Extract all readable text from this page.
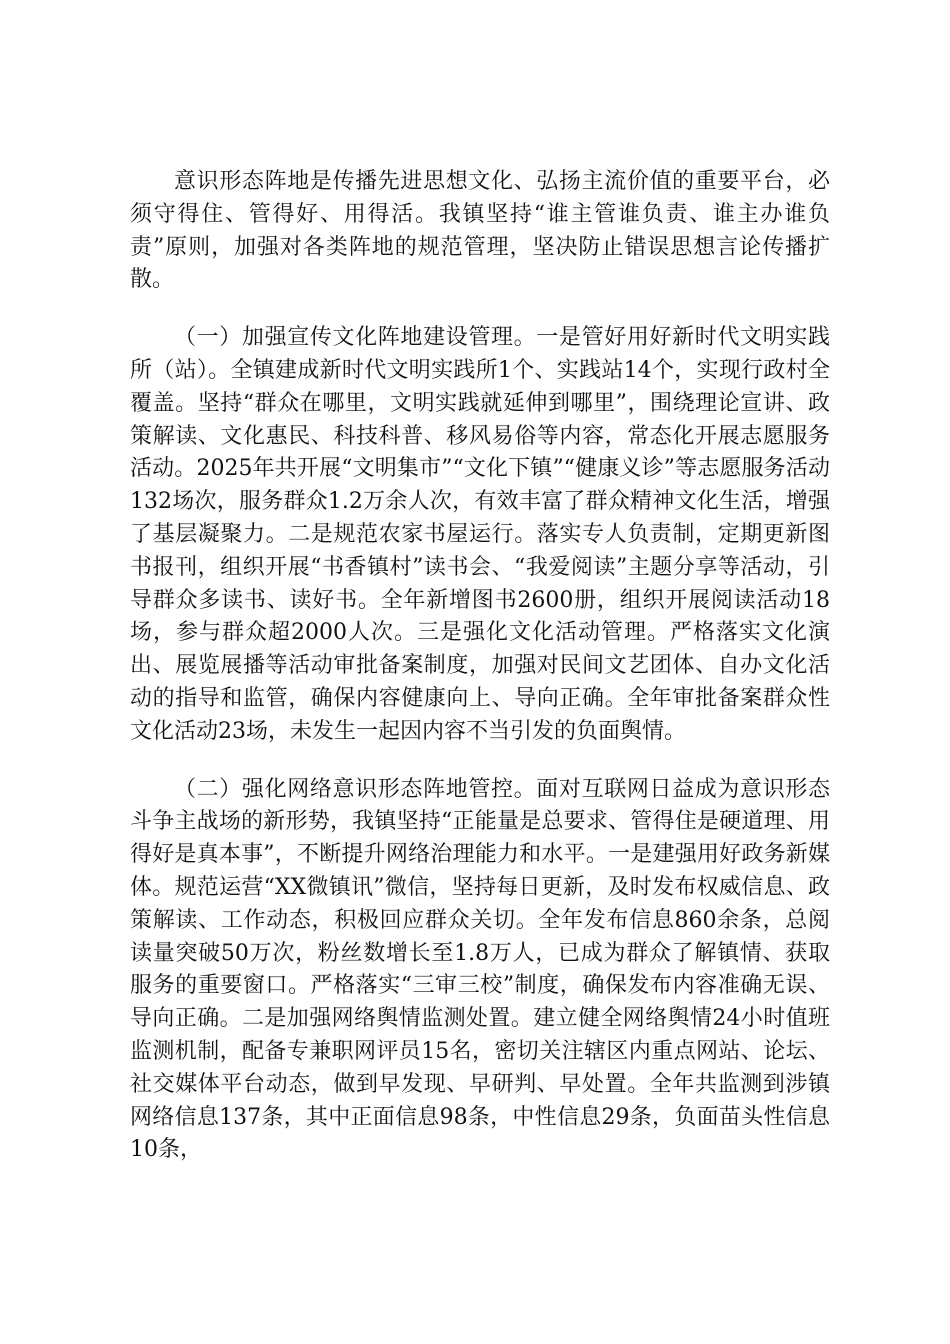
意识形态阵地是传播先进思想文化、弘扬主流价值的重要平台，必须守得住、管得好、用得活。我镇坚持“谁主管谁负责、谁主办谁负责”原则，加强对各类阵地的规范管理，坚决防止错误思想言论传播扩散。

（一）加强宣传文化阵地建设管理。一是管好用好新时代文明实践所（站）。全镇建成新时代文明实践所1个、实践站14个，实现行政村全覆盖。坚持“群众在哪里，文明实践就延伸到哪里”，围绕理论宣讲、政策解读、文化惠民、科技科普、移风易俗等内容，常态化开展志愿服务活动。2025年共开展“文明集市”“文化下镇”“健康义诊”等志愿服务活动132场次，服务群众1.2万余人次，有效丰富了群众精神文化生活，增强了基层凝聚力。二是规范农家书屋运行。落实专人负责制，定期更新图书报刊，组织开展“书香镇村”读书会、“我爱阅读”主题分享等活动，引导群众多读书、读好书。全年新增图书2600册，组织开展阅读活动18场，参与群众超2000人次。三是强化文化活动管理。严格落实文化演出、展览展播等活动审批备案制度，加强对民间文艺团体、自办文化活动的指导和监管，确保内容健康向上、导向正确。全年审批备案群众性文化活动23场，未发生一起因内容不当引发的负面舆情。

（二）强化网络意识形态阵地管控。面对互联网日益成为意识形态斗争主战场的新形势，我镇坚持“正能量是总要求、管得住是硬道理、用得好是真本事”，不断提升网络治理能力和水平。一是建强用好政务新媒体。规范运营“XX微镇讯”微信，坚持每日更新，及时发布权威信息、政策解读、工作动态，积极回应群众关切。全年发布信息860余条，总阅读量突破50万次，粉丝数增长至1.8万人，已成为群众了解镇情、获取服务的重要窗口。严格落实“三审三校”制度，确保发布内容准确无误、导向正确。二是加强网络舆情监测处置。建立健全网络舆情24小时值班监测机制，配备专兼职网评员15名，密切关注辖区内重点网站、论坛、社交媒体平台动态，做到早发现、早研判、早处置。全年共监测到涉镇网络信息137条，其中正面信息98条，中性信息29条，负面苗头性信息10条，
